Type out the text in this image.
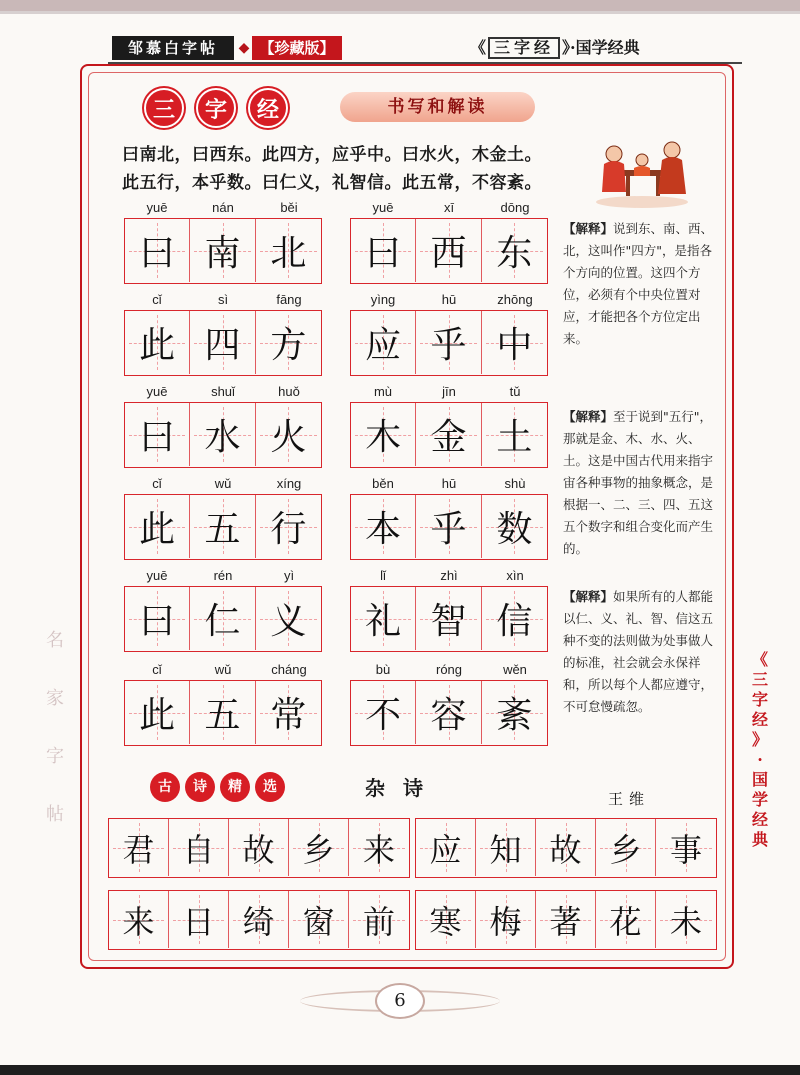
邹慕白字帖	◆ 【珍藏版】	《 三字经 》·国学经典
三	字	经	书写和解读
曰南北，曰西东。此四方，应乎中。曰水火，木金土。
此五行，本乎数。曰仁义，礼智信。此五常，不容紊。
yuē	nán	běi
曰 南 北
yuē	xī	dōng
曰 西 东
cǐ	sì	fāng
此 四 方
yìng	hū	zhōng
应 乎 中
yuē	shuǐ	huǒ
曰 水 火
mù	jīn	tǔ
木 金 土
cǐ	wǔ	xíng
此 五 行
běn	hū	shù
本 乎 数
yuē	rén	yì
曰 仁 义
lǐ	zhì	xìn
礼 智 信
cǐ	wǔ	cháng
此 五 常
bù	róng	wěn
不 容 紊
【解释】说到东、南、西、北，这叫作"四方"，是指各个方向的位置。这四个方位，必须有个中央位置对应，才能把各个方位定出来。
【解释】至于说到"五行"，那就是金、木、水、火、土。这是中国古代用来指宇宙各种事物的抽象概念，是根据一、二、三、四、五这五个数字和组合变化而产生的。
【解释】如果所有的人都能以仁、义、礼、智、信这五种不变的法则做为处事做人的标准，社会就会永保祥和，所以每个人都应遵守，不可怠慢疏忽。
名
家
字
帖
《
三
字
经
》
·
国
学
经
典
古	诗	精	选	杂诗	王维
君 自 故 乡 来 应 知 故 乡 事
来 日 绮 窗 前 寒 梅 著 花 未
6
